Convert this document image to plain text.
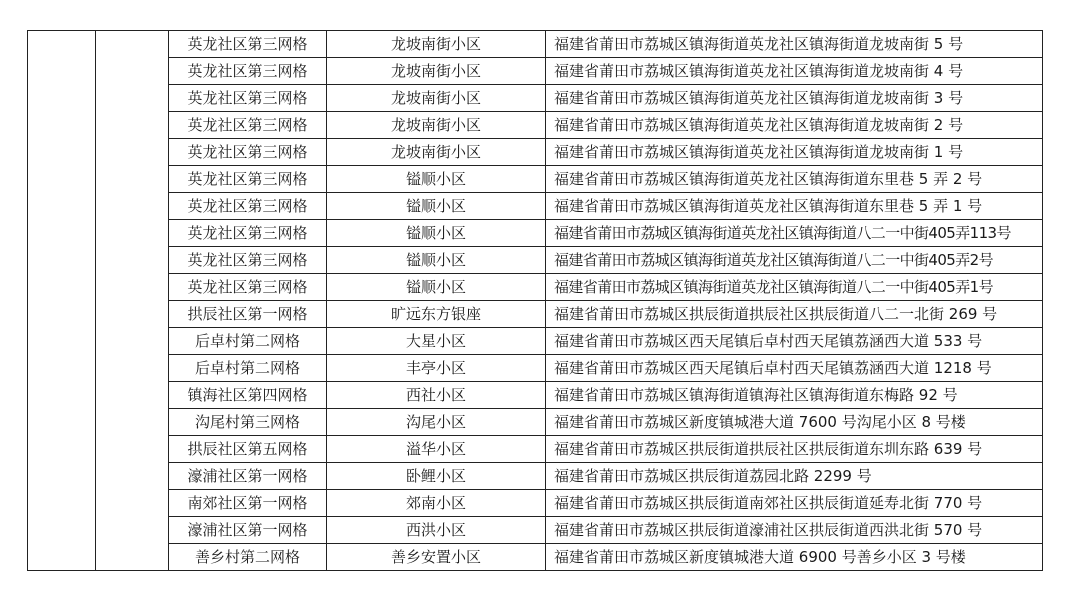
		英龙社区第三网格	龙坡南街小区	福建省莆田市荔城区镇海街道英龙社区镇海街道龙坡南街 5 号
		英龙社区第三网格	龙坡南街小区	福建省莆田市荔城区镇海街道英龙社区镇海街道龙坡南街 4 号
		英龙社区第三网格	龙坡南街小区	福建省莆田市荔城区镇海街道英龙社区镇海街道龙坡南街 3 号
		英龙社区第三网格	龙坡南街小区	福建省莆田市荔城区镇海街道英龙社区镇海街道龙坡南街 2 号
		英龙社区第三网格	龙坡南街小区	福建省莆田市荔城区镇海街道英龙社区镇海街道龙坡南街 1 号
		英龙社区第三网格	镒顺小区	福建省莆田市荔城区镇海街道英龙社区镇海街道东里巷 5 弄 2 号
		英龙社区第三网格	镒顺小区	福建省莆田市荔城区镇海街道英龙社区镇海街道东里巷 5 弄 1 号
		英龙社区第三网格	镒顺小区	福建省莆田市荔城区镇海街道英龙社区镇海街道八二一中街405弄113号
		英龙社区第三网格	镒顺小区	福建省莆田市荔城区镇海街道英龙社区镇海街道八二一中街405弄2号
		英龙社区第三网格	镒顺小区	福建省莆田市荔城区镇海街道英龙社区镇海街道八二一中街405弄1号
		拱辰社区第一网格	旷远东方银座	福建省莆田市荔城区拱辰街道拱辰社区拱辰街道八二一北街 269 号
		后卓村第二网格	大星小区	福建省莆田市荔城区西天尾镇后卓村西天尾镇荔涵西大道 533 号
		后卓村第二网格	丰亭小区	福建省莆田市荔城区西天尾镇后卓村西天尾镇荔涵西大道 1218 号
		镇海社区第四网格	西社小区	福建省莆田市荔城区镇海街道镇海社区镇海街道东梅路 92 号
		沟尾村第三网格	沟尾小区	福建省莆田市荔城区新度镇城港大道 7600 号沟尾小区 8 号楼
		拱辰社区第五网格	溢华小区	福建省莆田市荔城区拱辰街道拱辰社区拱辰街道东圳东路 639 号
		濠浦社区第一网格	卧鲤小区	福建省莆田市荔城区拱辰街道荔园北路 2299 号
		南郊社区第一网格	郊南小区	福建省莆田市荔城区拱辰街道南郊社区拱辰街道延寿北街 770 号
		濠浦社区第一网格	西洪小区	福建省莆田市荔城区拱辰街道濠浦社区拱辰街道西洪北街 570 号
		善乡村第二网格	善乡安置小区	福建省莆田市荔城区新度镇城港大道 6900 号善乡小区 3 号楼
